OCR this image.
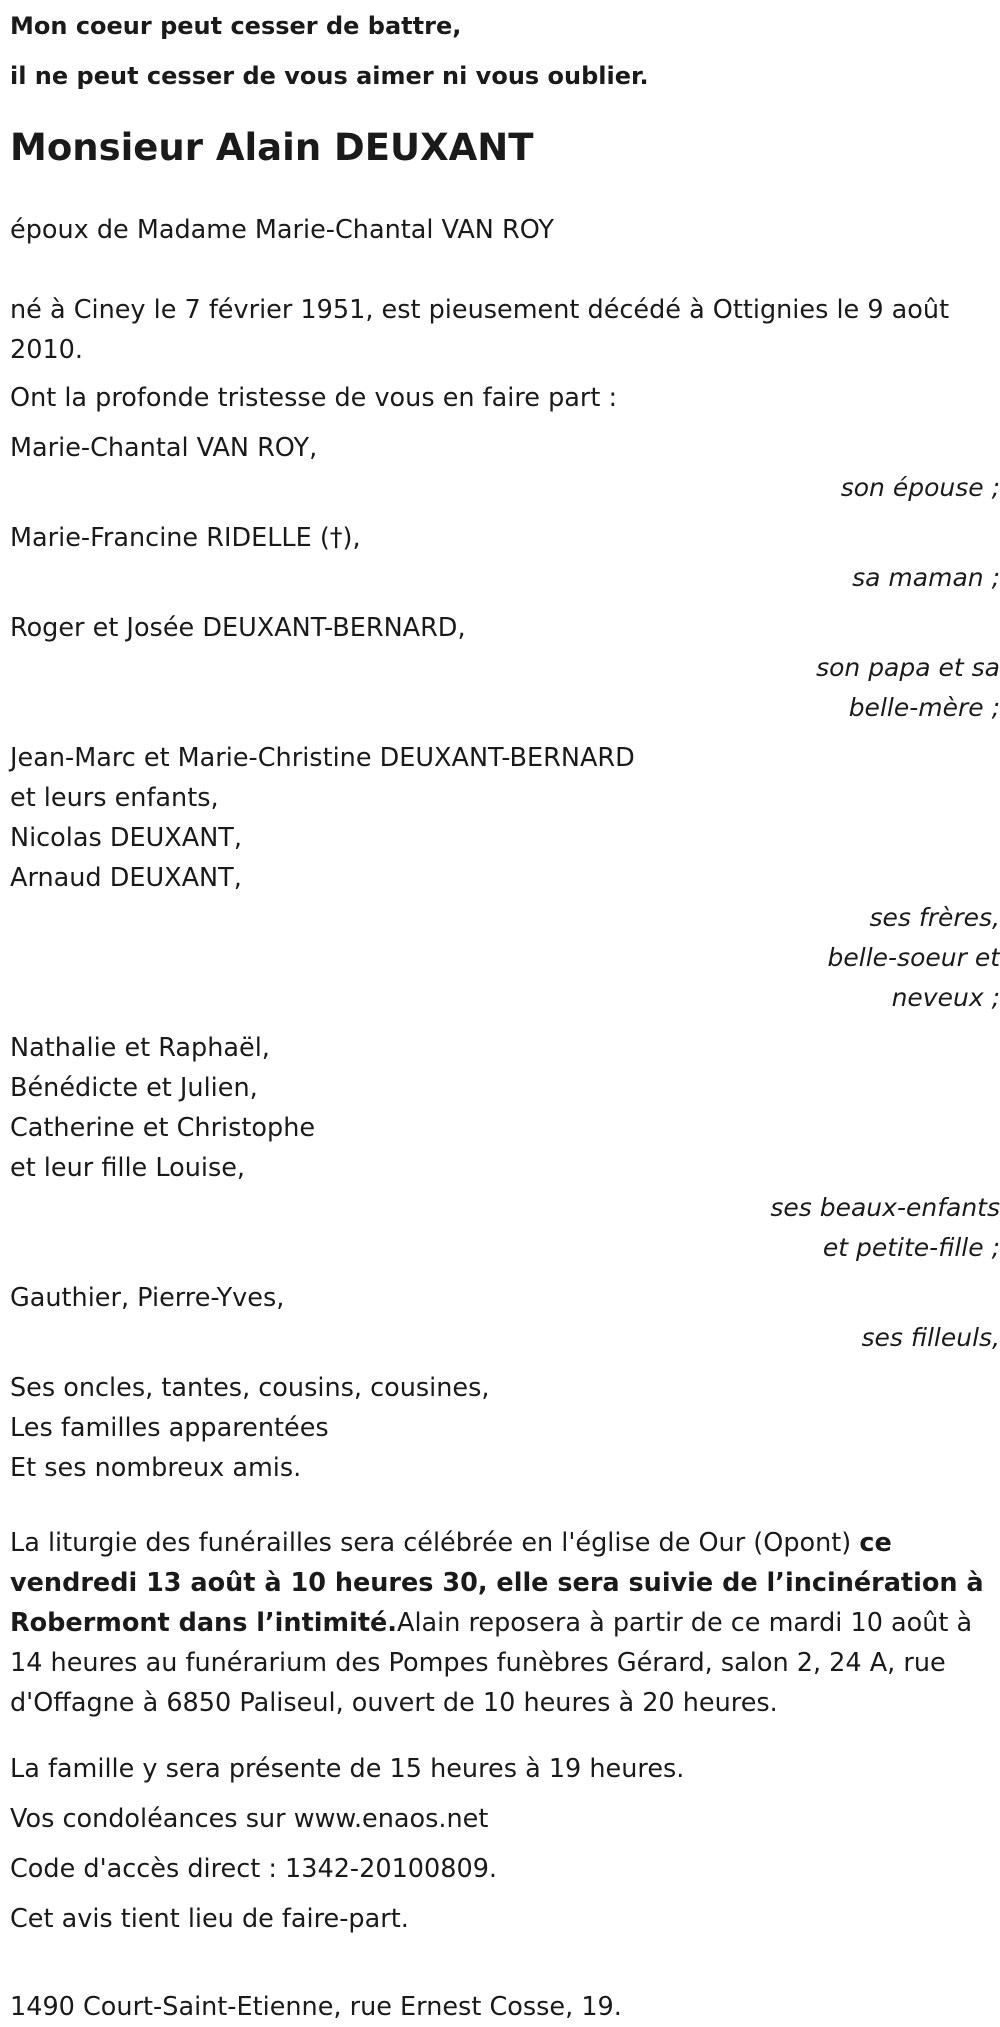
Mon coeur peut cesser de battre,

il ne peut cesser de vous aimer ni vous oublier.

Monsieur Alain DEUXANT

époux de Madame Marie-Chantal VAN ROY

né à Ciney le 7 février 1951, est pieusement décédé à Ottignies le 9 août

2010.

Ont la profonde tristesse de vous en faire part :

Marie-Chantal VAN ROY,

son épouse ;

Marie-Francine RIDELLE (†),

sa maman ;

Roger et Josée DEUXANT-BERNARD,

son papa et sa

belle-mère ;

Jean-Marc et Marie-Christine DEUXANT-BERNARD

et leurs enfants,

Nicolas DEUXANT,

Arnaud DEUXANT,

ses frères,

belle-soeur et

neveux ;

Nathalie et Raphaël,

Bénédicte et Julien,

Catherine et Christophe

et leur fille Louise,

ses beaux-enfants

et petite-fille ;

Gauthier, Pierre-Yves,

ses filleuls,

Ses oncles, tantes, cousins, cousines,

Les familles apparentées

Et ses nombreux amis.

La liturgie des funérailles sera célébrée en l'église de Our (Opont) ce vendredi 13 août à 10 heures 30, elle sera suivie de l’incinération à Robermont dans l’intimité.Alain reposera à partir de ce mardi 10 août à 14 heures au funérarium des Pompes funèbres Gérard, salon 2, 24 A, rue d'Offagne à 6850 Paliseul, ouvert de 10 heures à 20 heures.

La famille y sera présente de 15 heures à 19 heures.

Vos condoléances sur www.enaos.net

Code d'accès direct : 1342-20100809.

Cet avis tient lieu de faire-part.

1490 Court-Saint-Etienne, rue Ernest Cosse, 19.
